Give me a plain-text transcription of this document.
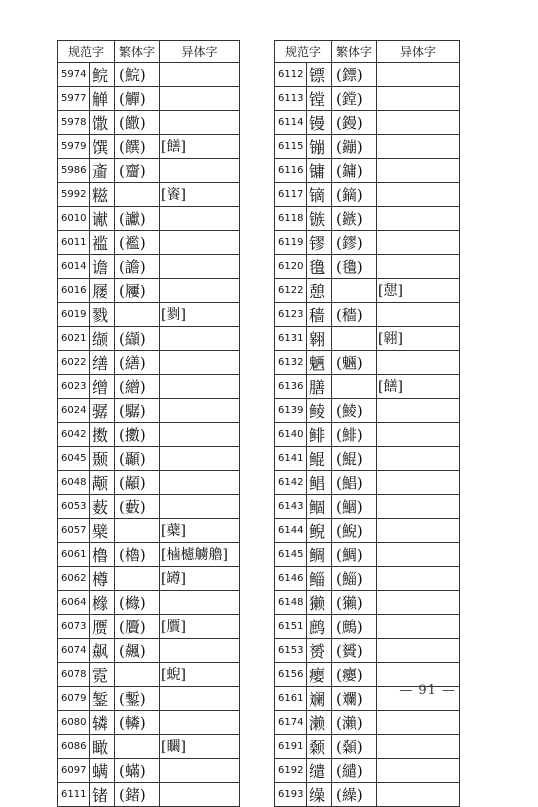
规范字		繁体字	异体字
5974	鲩	(鯇)	
5977	觯	(觶)	
5978	馓	(饊)	
5979	馔	(饌)	[饍]
5986	齑	(齏)	
5992	糍		[餈]
6010	谳	(讞)	
6011	褴	(襤)	
6014	谵	(譫)	
6016	屦	(屨)	
6019	戮		[剹]
6021	缬	(纈)	
6022	缮	(繕)	
6023	缯	(繒)	
6024	骣	(驏)	
6042	擞	(擻)	
6045	颞	(顳)	
6048	颟	(顢)	
6053	薮	(藪)	
6057	檗		[蘗]
6061	橹	(櫓)	[樐櫖艣艪]
6062	樽		[罇]
6064	橼	(櫞)	
6073	赝	(贗)	[贋]
6074	飙	(飆)	
6078	霓		[蜺]
6079	錾	(鏨)	
6080	辚	(轔)	
6086	瞰		[矙]
6097	螨	(蟎)	
6111	锗	(鍺)	
规范字		繁体字	异体字
6112	镖	(鏢)	
6113	镗	(鏜)	
6114	镘	(鏝)	
6115	镚	(鏰)	
6116	镛	(鏞)	
6117	镝	(鏑)	
6118	镞	(鏃)	
6119	镠	(鏐)	
6120	氇	(氌)	
6122	憩		[憇]
6123	穑	(穡)	
6131	翱		[翶]
6132	魉	(魎)	
6136	膳		[饍]
6139	鲮	(鯪)	
6140	鲱	(鯡)	
6141	鲲	(鯤)	
6142	鲳	(鯧)	
6143	鲴	(鯝)	
6144	鲵	(鯢)	
6145	鲷	(鯛)	
6146	鲻	(鯔)	
6148	獭	(獺)	
6151	鹧	(鷓)	
6153	赟	(贇)	
6156	瘿	(癭)	
6161	斓	(斕)	
6174	濑	(瀨)	
6191	颡	(顙)	
6192	缱	(繾)	
6193	缲	(繰)	
— 91 —
